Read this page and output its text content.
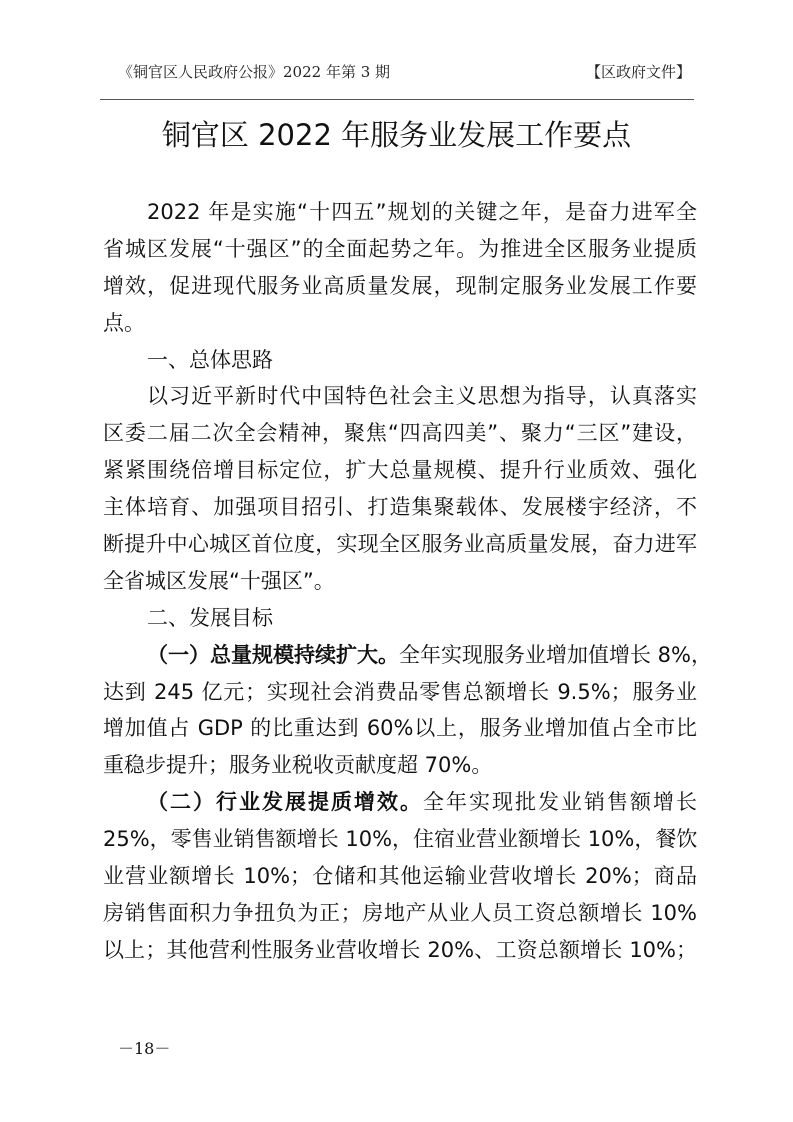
《铜官区人民政府公报》2022 年第 3 期	【区政府文件】
铜官区 2022 年服务业发展工作要点
2022 年是实施“十四五”规划的关键之年，是奋力进军全
省城区发展“十强区”的全面起势之年。为推进全区服务业提质
增效，促进现代服务业高质量发展，现制定服务业发展工作要
点。
一、总体思路
以习近平新时代中国特色社会主义思想为指导，认真落实
区委二届二次全会精神，聚焦“四高四美”、聚力“三区”建设，
紧紧围绕倍增目标定位，扩大总量规模、提升行业质效、强化
主体培育、加强项目招引、打造集聚载体、发展楼宇经济，不
断提升中心城区首位度，实现全区服务业高质量发展，奋力进军
全省城区发展“十强区”。
二、发展目标
（一）总量规模持续扩大。全年实现服务业增加值增长 8%，
达到 245 亿元；实现社会消费品零售总额增长 9.5%；服务业
增加值占 GDP 的比重达到 60%以上，服务业增加值占全市比
重稳步提升；服务业税收贡献度超 70%。
（二）行业发展提质增效。全年实现批发业销售额增长
25%，零售业销售额增长 10%，住宿业营业额增长 10%，餐饮
业营业额增长 10%；仓储和其他运输业营收增长 20%；商品
房销售面积力争扭负为正；房地产从业人员工资总额增长 10%
以上；其他营利性服务业营收增长 20%、工资总额增长 10%；
－18－
